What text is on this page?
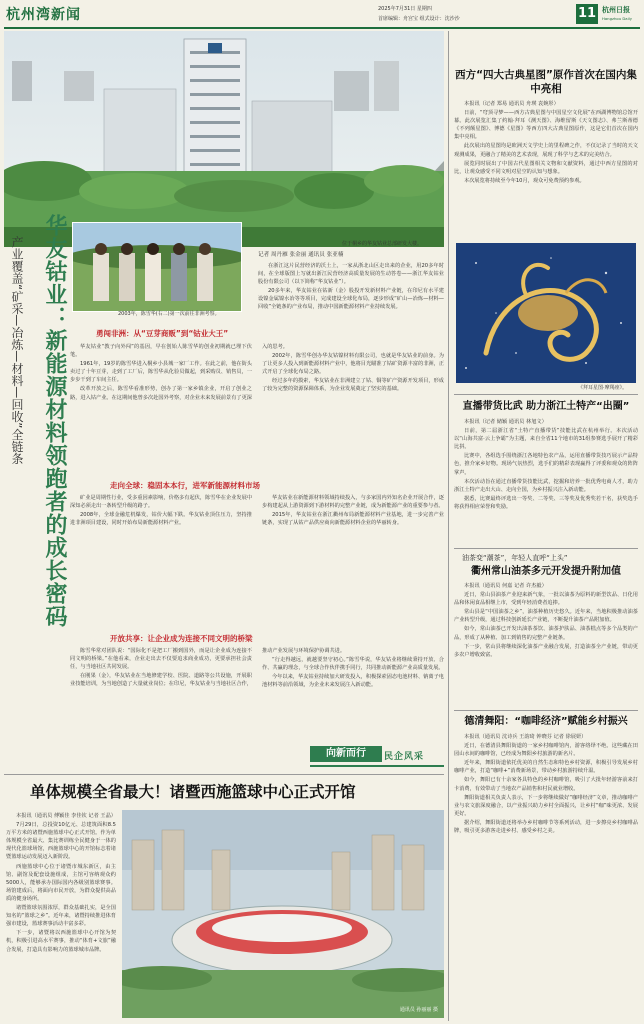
杭州湾新闻	2025年7月31日 星期四
首席编辑：舟宫宝 组式设计：沈沙沙	11 杭州日报
Hangzhou Daily
位于桐乡的华友钴业总部研发大楼。
2003年，陈雪华(右二)第一次前往非洲考察。
记者 周丹雁 张金丽 通讯员 张亚楠

在浙江这片民营经济的沃土上，一家从浙北山区走出来的企业，用20多年时间，在全球版图上写就出浙江民营经济高质量发展的生动答卷——浙江华友钴业股份有限公司（以下简称“华友钴业”）。

20多年来，华友钴业在钴新（金）股投开发新材料产业链，在印尼有水平建设镍金属镍水冶等等项目，完成建设全球化布局，逐步形成“矿山—冶炼—材料—回收”全链条的产业布局，推动中国新能源材料产业持续发展。

华友钴业：新能源材料领跑者的成长密码
产业覆盖“矿采—冶炼—材料—回收”全链条	勇闯非洲：从“豆芽商贩”到“钴业大王”

华友钴业“教子向外闯”的基因，早在创始人陈雪华的创业初期就已埋下伏笔。

1961年，19岁的陈雪华进入桐乡小县城一家厂工作。在此之前，他在街头卖过了十年豆芽，走到了工厂后，陈雪华从化验员做起，到采购员、销售员，一步步干到了车间主任。

改革开放之后，陈雪华看准形势，创办了第一家乡镇企业，开启了创业之路，进入钴产业。在这期间他曾多次赴国外考察，对企业未来发展前景有了更深入的思考。

2002年，陈雪华创办华友钴镍材料有限公司，也就是华友钴业的前身。为了让更多人投入到新能源材料产业中，他将目光瞄准了钴矿资源丰富的非洲，正式开启了全球化布局之路。

经过多年的摸索，华友钴业在非洲建立了钴、铜等矿产资源开发项目，形成了较为完整的资源保障体系，为企业发展奠定了坚实的基础。

走向全球：稳固本本行，进军新能源材料市场

矿业是周期性行业，受多重因素影响，价格多有起伏，陈雪华在企业发展中深知必须走出一条转型升级的路子。

2008年，全球金融危机爆发，钴价大幅下跌。华友钴业顶住压力，坚持推进非洲项目建设，同时开始布局新能源材料产业。

华友钴业在新能源材料领域持续投入，与多家国内外知名企业开展合作，逐步构建起从上游资源到下游材料的完整产业链，成为新能源产业的重要参与者。

2015年，华友钴业在浙江衢州布局新能源材料产业基地，进一步完善产业链条，实现了从钴产品供应商向新能源材料企业的华丽转身。

开放共享：让企业成为连接不同文明的桥梁

陈雪华常对团队说：“国际化不是把工厂搬到国外，而是让企业成为连接不同文明的桥梁。”在他看来，企业走出去不仅要追求商业成功，更要承担社会责任，与当地社区共同发展。

在刚果（金），华友钴业在当地修建学校、医院、道路等公共设施，开展职业技能培训，为当地创造了大量就业岗位；在印尼，华友钴业与当地社区合作，推动产业发展与环境保护协调共进。

“行走得越远，就越要坚守初心。”陈雪华说，华友钴业将继续秉持开放、合作、共赢的理念，与全球合作伙伴携手同行，共同推动新能源产业高质量发展。

今年以来，华友钴业持续加大研发投入，积极探索固态电池材料、钠离子电池材料等前沿领域，为企业未来发展注入新动能。

向新而行	民企风采
单体规模全省最大！诸暨西施篮球中心正式开馆

本报讯（通讯员 傅颖佳 李佳钦 记者 王晶）

7月29日，总投资10亿元、总建筑面积8.5万平方米的诸暨西施篮球中心正式开馆。作为单体规模全省最大、集比赛训练全民健身于一体的现代化篮球场馆，西施篮球中心的开馆标志着诸暨篮球运动发展迈入新阶段。

西施篮球中心位于诸暨市城东新区，由主馆、副馆及配套设施组成，主馆可容纳观众约5000人，能够承办国际国内各级别篮球赛事。场馆建成后，将面向市民开放，为群众提供高品质的健身场所。

诸暨篮球氛围浓厚，群众基础扎实，是全国知名的“篮球之乡”。近年来，诸暨持续推进体育强市建设，篮球赛事活动丰富多彩。

下一步，诸暨将以西施篮球中心开馆为契机，积极引进高水平赛事，推动“体育+文旅”融合发展，打造具有影响力的篮球城市品牌。

通讯员 孙丽丽 摄
西方“四大古典星图”原作首次在国内集中亮相

本报讯（记者 郑易 通讯员 舟瑛 袁婉彤）

日前，“穹顶寻梦——西方古典星图与中国星空文化展”在西湖博物馆总馆开幕。此次展览汇集了约翰·拜耳《测天图》、海维留斯《天文图志》、弗兰斯蒂德《不列颠星图》、博德《星图》等西方四大古典星图原作，这是它们首次在国内集中亮相。

此次展出的星图均是欧洲天文学史上的里程碑之作，不仅记录了当时的天文观测成果，更融合了精美的艺术表现，展现了科学与艺术的完美结合。

展览同时展出了中国古代星图相关文物和文献资料，通过中西方星图的对比，让观众感受不同文明对星空的认知与想象。

本次展览将持续至今年10月，观众可免费预约参观。

《拜耳星图·摩羯座》。
直播带货比武 助力浙江土特产“出圈”

本报讯（记者 储颖 通讯员 林旭文）

日前，第二届浙江省“土特产直播带货”技能比武在杭州举行。本次活动以“山海共富·云上争霸”为主题，来自全省11个地市的31组参赛选手展开了精彩比拼。

比赛中，各组选手围绕浙江各地特色农产品，运用直播带货技巧展示产品特色，推介家乡好物。现场气氛热烈，选手们的精彩表现赢得了评委和观众的阵阵掌声。

本次活动旨在通过直播带货技能比武，挖掘和培养一批优秀电商人才，助力浙江土特产走出大山、走向全国，为乡村振兴注入新动能。

据悉，比赛最终评选出一等奖、二等奖、三等奖及优秀奖若干名，获奖选手将获得相应荣誉和奖励。

油茶变“潮茶”，年轻人直呼“上头”
衢州常山油茶多元开发提升附加值

本报讯（通讯员 何嘉 记者 许杰毅）

近日，常山县油茶产业迎来新气象，一批以油茶为原料的新型饮品、日化用品和休闲食品相继上市，受到年轻消费者追捧。

常山县是“中国油茶之乡”，油茶种植历史悠久。近年来，当地积极推动油茶产业转型升级，通过科技创新延长产业链，不断提升油茶产品附加值。

如今，常山油茶已开发出油茶茶饮、油茶护肤品、油茶糕点等多个品类的产品，形成了从种植、加工到销售的完整产业链条。

下一步，常山县将继续深化油茶产业融合发展，打造油茶全产业链，带动更多农户增收致富。

德清舞阳：“咖啡经济”赋能乡村振兴

本报讯（通讯员 沈诗兵 王韵琦 钟晓芬 记者 徐展妍）

近日，在德清县舞阳街道的一家乡村咖啡馆内，游客络绎不绝。这些藏在田园山水间的咖啡馆，已经成为舞阳乡村旅游的新名片。

近年来，舞阳街道依托优美的自然生态和特色乡村资源，积极引导发展乡村咖啡产业，打造“咖啡+”消费新场景，带动乡村旅游持续升温。

如今，舞阳已有十余家各具特色的乡村咖啡馆，吸引了大批年轻游客前来打卡消费，有效带动了当地农产品销售和村民就业增收。

舞阳街道相关负责人表示，下一步将继续做好“咖啡经济”文章，推动咖啡产业与农文旅深度融合，以产业振兴助力乡村全面振兴，让乡村“咖”味更浓、发展更好。

据介绍，舞阳街道还将举办乡村咖啡节等系列活动，进一步擦亮乡村咖啡品牌，吸引更多游客走进乡村、感受乡村之美。
